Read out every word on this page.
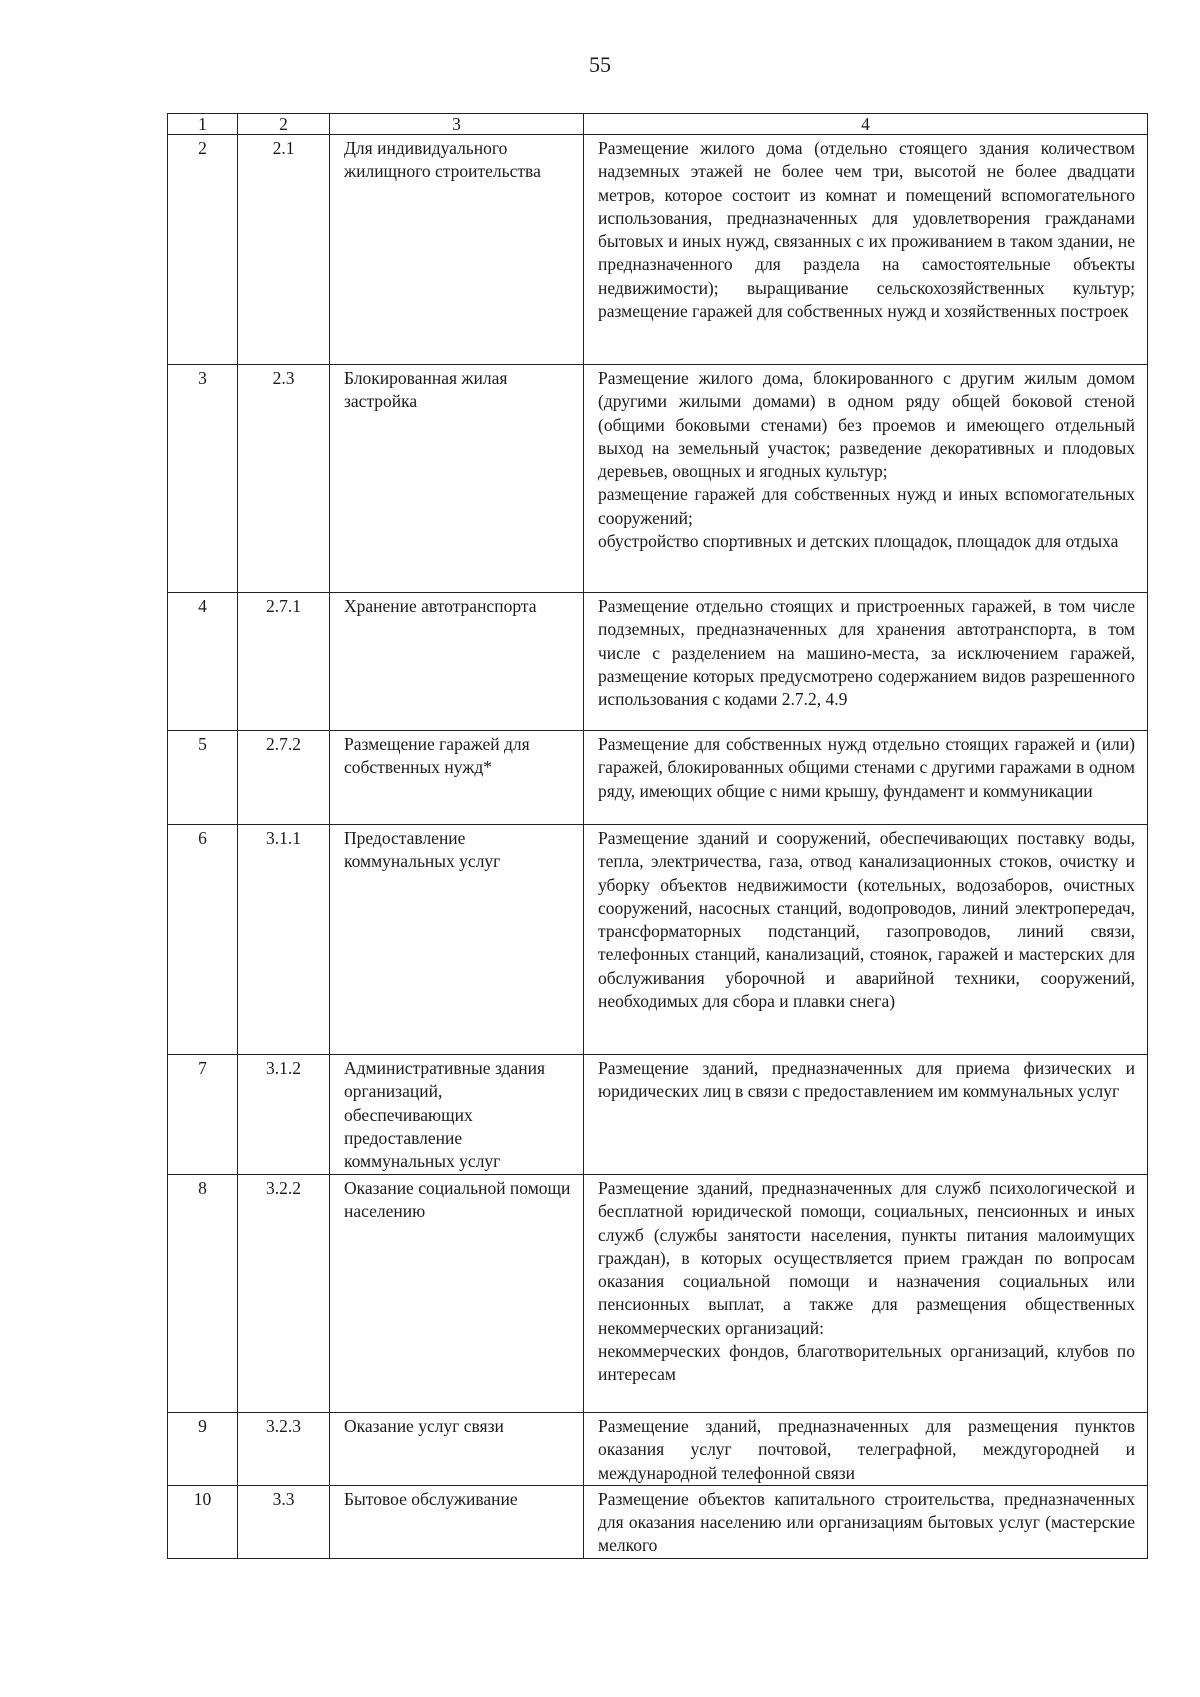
55
1	2	3	4
2	2.1	Для индивидуального жилищного строительства	Размещение жилого дома (отдельно стоящего здания количеством надземных этажей не более чем три, высотой не более двадцати метров, которое состоит из комнат и помещений вспомогательного использования, предназначенных для удовлетворения гражданами бытовых и иных нужд, связанных с их проживанием в таком здании, не предназначенного для раздела на самостоятельные объекты недвижимости); выращивание сельскохозяйственных культур; размещение гаражей для собственных нужд и хозяйственных построек

3	2.3	Блокированная жилая застройка	Размещение жилого дома, блокированного с другим жилым домом (другими жилыми домами) в одном ряду общей боковой стеной (общими боковыми стенами) без проемов и имеющего отдельный выход на земельный участок; разведение декоративных и плодовых деревьев, овощных и ягодных культур;
размещение гаражей для собственных нужд и иных вспомогательных сооружений;
обустройство спортивных и детских площадок, площадок для отдыха

4	2.7.1	Хранение автотранспорта	Размещение отдельно стоящих и пристроенных гаражей, в том числе подземных, предназначенных для хранения автотранспорта, в том числе с разделением на машино-места, за исключением гаражей, размещение которых предусмотрено содержанием видов разрешенного использования с кодами 2.7.2, 4.9

5	2.7.2	Размещение гаражей для собственных нужд*	Размещение для собственных нужд отдельно стоящих гаражей и (или) гаражей, блокированных общими стенами с другими гаражами в одном ряду, имеющих общие с ними крышу, фундамент и коммуникации

6	3.1.1	Предоставление коммунальных услуг	Размещение зданий и сооружений, обеспечивающих поставку воды, тепла, электричества, газа, отвод канализационных стоков, очистку и уборку объектов недвижимости (котельных, водозаборов, очистных сооружений, насосных станций, водопроводов, линий электропередач, трансформаторных подстанций, газопроводов, линий связи, телефонных станций, канализаций, стоянок, гаражей и мастерских для обслуживания уборочной и аварийной техники, сооружений, необходимых для сбора и плавки снега)

7	3.1.2	Административные здания организаций, обеспечивающих предоставление коммунальных услуг	Размещение зданий, предназначенных для приема физических и юридических лиц в связи с предоставлением им коммунальных услуг

8	3.2.2	Оказание социальной помощи населению	Размещение зданий, предназначенных для служб психологической и бесплатной юридической помощи, социальных, пенсионных и иных служб (службы занятости населения, пункты питания малоимущих граждан), в которых осуществляется прием граждан по вопросам оказания социальной помощи и назначения социальных или пенсионных выплат, а также для размещения общественных некоммерческих организаций:
некоммерческих фондов, благотворительных организаций, клубов по интересам

9	3.2.3	Оказание услуг связи	Размещение зданий, предназначенных для размещения пунктов оказания услуг почтовой, телеграфной, междугородней и международной телефонной связи

10	3.3	Бытовое обслуживание	Размещение объектов капитального строительства, предназначенных для оказания населению или организациям бытовых услуг (мастерские мелкого
